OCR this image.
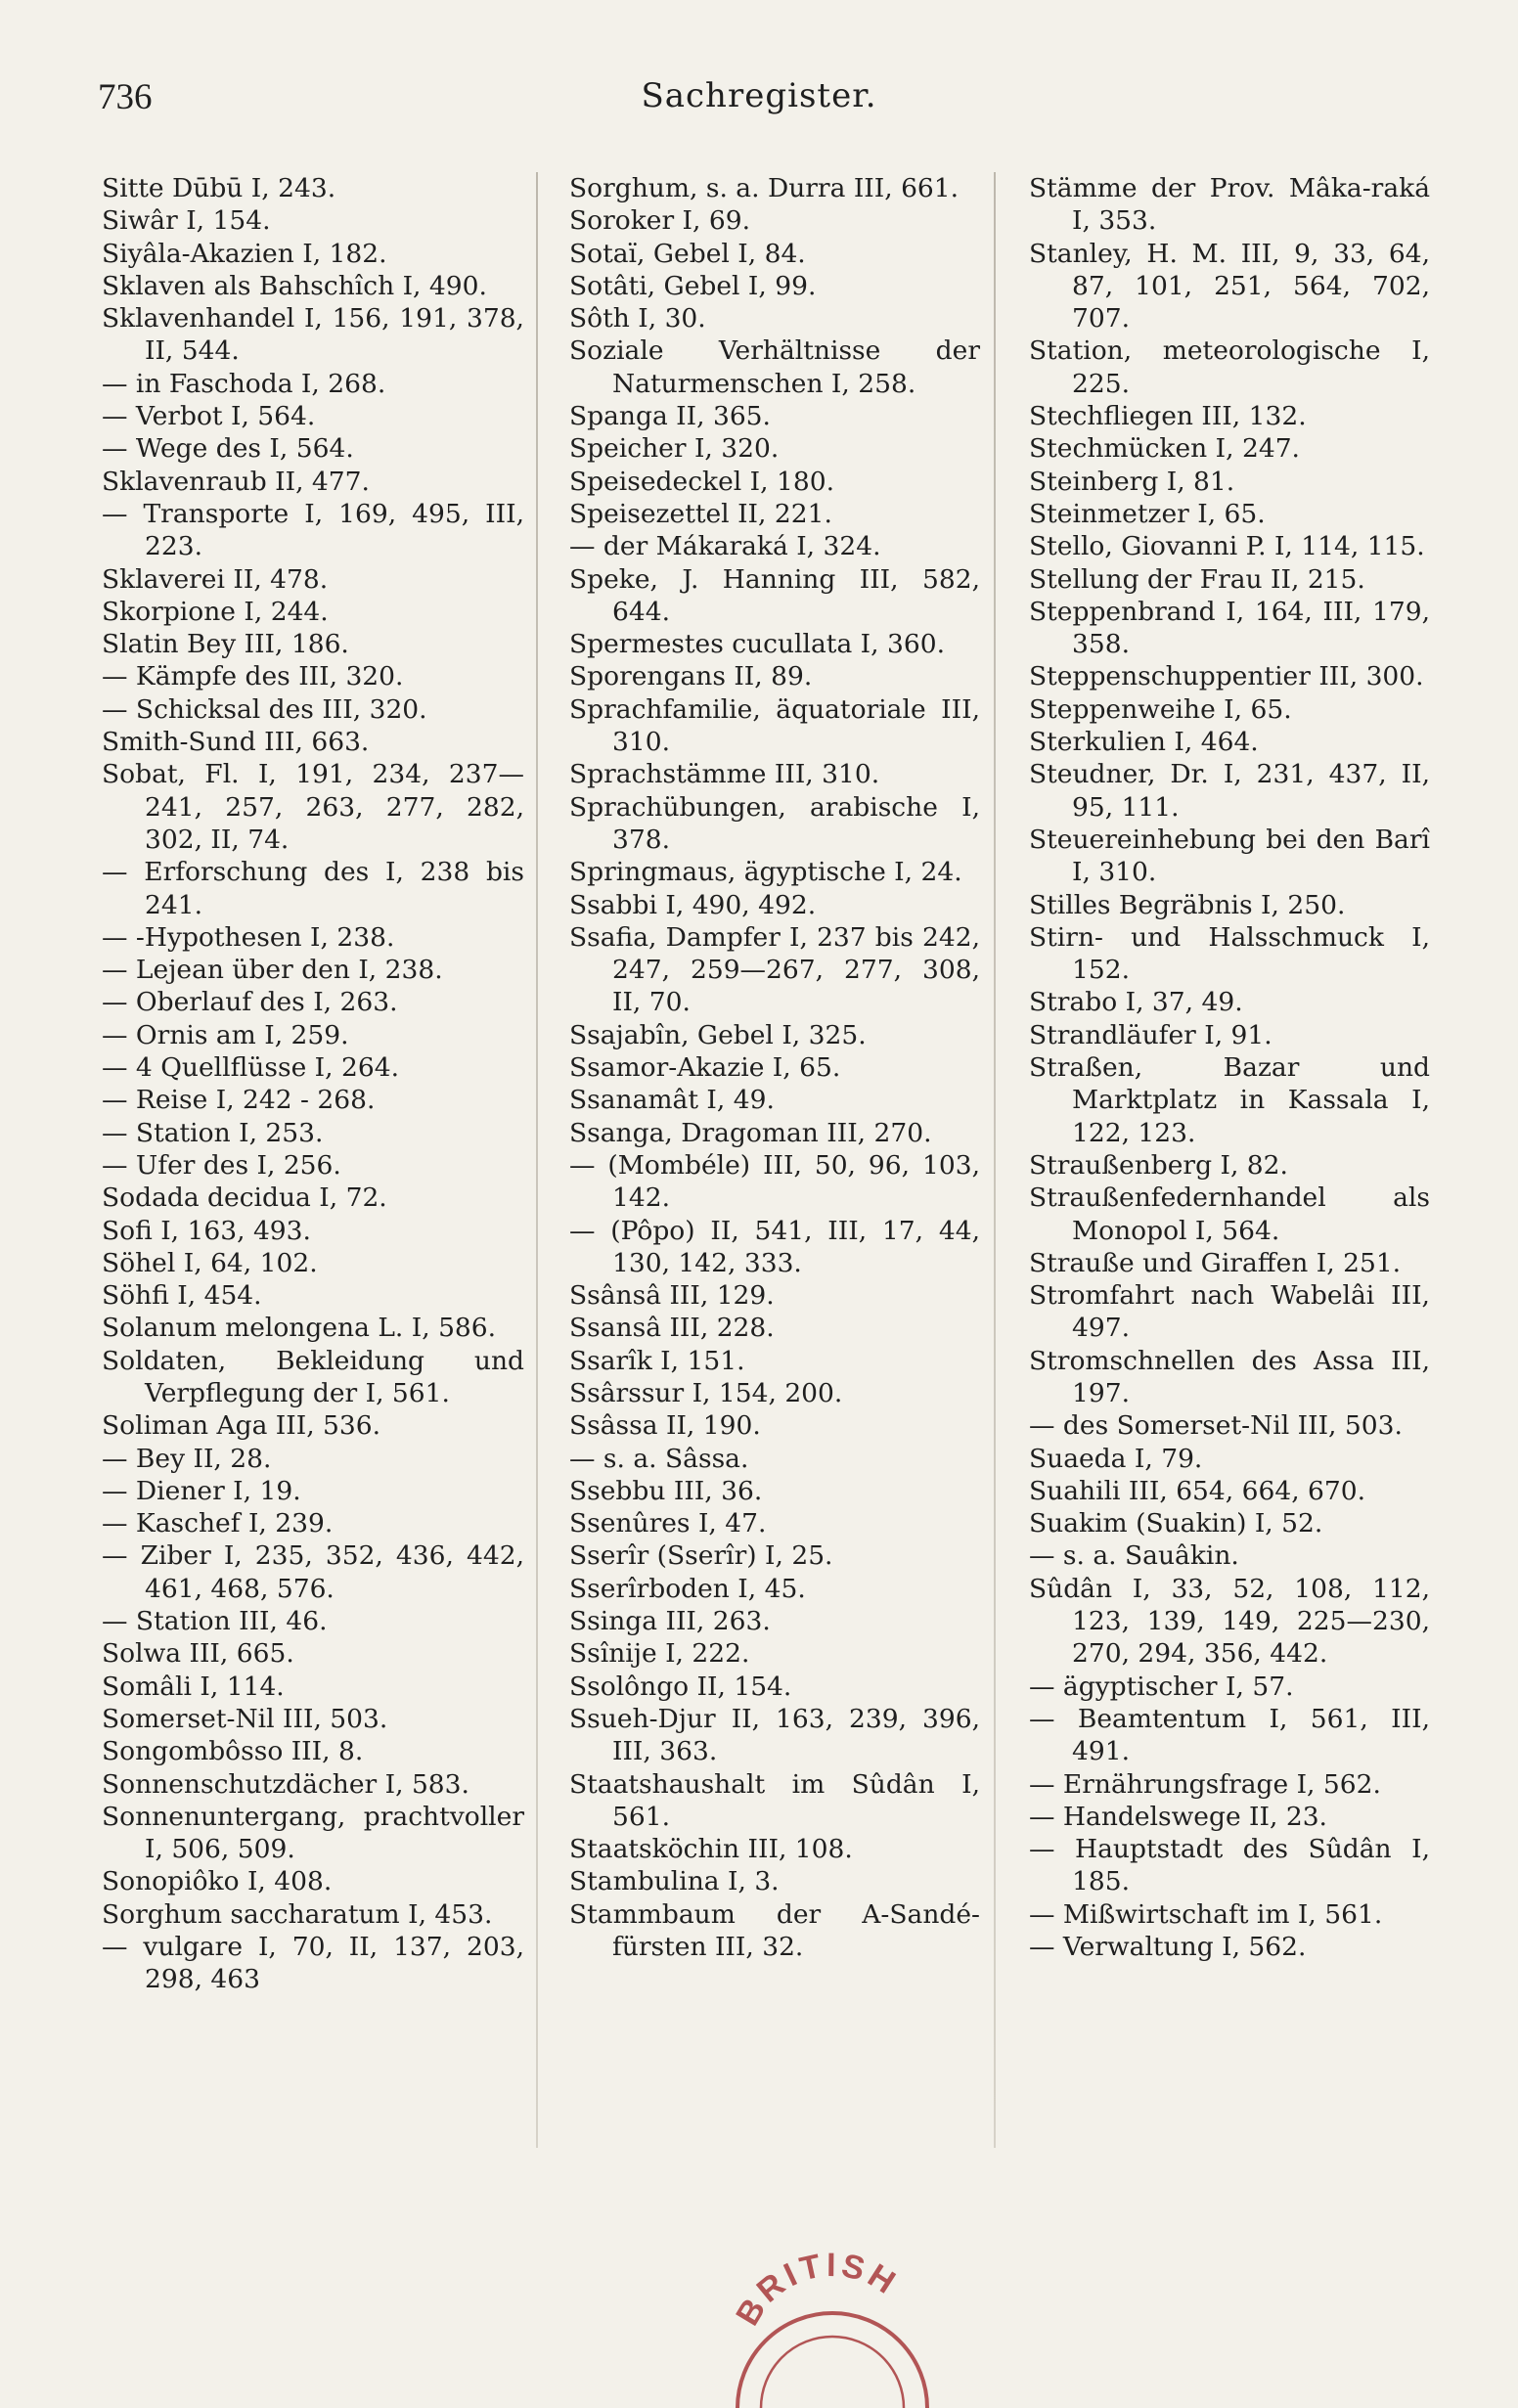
736	Sachregister.
Sitte Dūbū I, 243.
Siwâr I, 154.
Siyâla-Akazien I, 182.
Sklaven als Bahschîch I, 490.
Sklavenhandel I, 156, 191, 378, II, 544.
— in Faschoda I, 268.
— Verbot I, 564.
— Wege des I, 564.
Sklavenraub II, 477.
— Transporte I, 169, 495, III, 223.
Sklaverei II, 478.
Skorpione I, 244.
Slatin Bey III, 186.
— Kämpfe des III, 320.
— Schicksal des III, 320.
Smith-Sund III, 663.
Sobat, Fl. I, 191, 234, 237—241, 257, 263, 277, 282, 302, II, 74.
— Erforschung des I, 238 bis 241.
— -Hypothesen I, 238.
— Lejean über den I, 238.
— Oberlauf des I, 263.
— Ornis am I, 259.
— 4 Quellflüsse I, 264.
— Reise I, 242 - 268.
— Station I, 253.
— Ufer des I, 256.
Sodada decidua I, 72.
Sofi I, 163, 493.
Söhel I, 64, 102.
Söhfi I, 454.
Solanum melongena L. I, 586.
Soldaten, Bekleidung und Verpflegung der I, 561.
Soliman Aga III, 536.
— Bey II, 28.
— Diener I, 19.
— Kaschef I, 239.
— Ziber I, 235, 352, 436, 442, 461, 468, 576.
— Station III, 46.
Solwa III, 665.
Somâli I, 114.
Somerset-Nil III, 503.
Songombôsso III, 8.
Sonnenschutzdächer I, 583.
Sonnenuntergang, prachtvoller I, 506, 509.
Sonopiôko I, 408.
Sorghum saccharatum I, 453.
— vulgare I, 70, II, 137, 203, 298, 463
Sorghum, s. a. Durra III, 661.
Soroker I, 69.
Sotaï, Gebel I, 84.
Sotâti, Gebel I, 99.
Sôth I, 30.
Soziale Verhältnisse der Naturmenschen I, 258.
Spanga II, 365.
Speicher I, 320.
Speisedeckel I, 180.
Speisezettel II, 221.
— der Mákaraká I, 324.
Speke, J. Hanning III, 582, 644.
Spermestes cucullata I, 360.
Sporengans II, 89.
Sprachfamilie, äquatoriale III, 310.
Sprachstämme III, 310.
Sprachübungen, arabische I, 378.
Springmaus, ägyptische I, 24.
Ssabbi I, 490, 492.
Ssafia, Dampfer I, 237 bis 242, 247, 259—267, 277, 308, II, 70.
Ssajabîn, Gebel I, 325.
Ssamor-Akazie I, 65.
Ssanamât I, 49.
Ssanga, Dragoman III, 270.
— (Mombéle) III, 50, 96, 103, 142.
— (Pôpo) II, 541, III, 17, 44, 130, 142, 333.
Ssânsâ III, 129.
Ssansâ III, 228.
Ssarîk I, 151.
Ssârssur I, 154, 200.
Ssâssa II, 190.
— s. a. Sâssa.
Ssebbu III, 36.
Ssenûres I, 47.
Sserîr (Sserîr) I, 25.
Sserîrboden I, 45.
Ssinga III, 263.
Ssînije I, 222.
Ssolôngo II, 154.
Ssueh-Djur II, 163, 239, 396, III, 363.
Staatshaushalt im Sûdân I, 561.
Staatsköchin III, 108.
Stambulina I, 3.
Stammbaum der A-Sandé-fürsten III, 32.
Stämme der Prov. Mâka-raká I, 353.
Stanley, H. M. III, 9, 33, 64, 87, 101, 251, 564, 702, 707.
Station, meteorologische I, 225.
Stechfliegen III, 132.
Stechmücken I, 247.
Steinberg I, 81.
Steinmetzer I, 65.
Stello, Giovanni P. I, 114, 115.
Stellung der Frau II, 215.
Steppenbrand I, 164, III, 179, 358.
Steppenschuppentier III, 300.
Steppenweihe I, 65.
Sterkulien I, 464.
Steudner, Dr. I, 231, 437, II, 95, 111.
Steuereinhebung bei den Barî I, 310.
Stilles Begräbnis I, 250.
Stirn- und Halsschmuck I, 152.
Strabo I, 37, 49.
Strandläufer I, 91.
Straßen, Bazar und Marktplatz in Kassala I, 122, 123.
Straußenberg I, 82.
Straußenfedernhandel als Monopol I, 564.
Strauße und Giraffen I, 251.
Stromfahrt nach Wabelâi III, 497.
Stromschnellen des Assa III, 197.
— des Somerset-Nil III, 503.
Suaeda I, 79.
Suahili III, 654, 664, 670.
Suakim (Suakin) I, 52.
— s. a. Sauâkin.
Sûdân I, 33, 52, 108, 112, 123, 139, 149, 225—230, 270, 294, 356, 442.
— ägyptischer I, 57.
— Beamtentum I, 561, III, 491.
— Ernährungsfrage I, 562.
— Handelswege II, 23.
— Hauptstadt des Sûdân I, 185.
— Mißwirtschaft im I, 561.
— Verwaltung I, 562.
BRITISH
